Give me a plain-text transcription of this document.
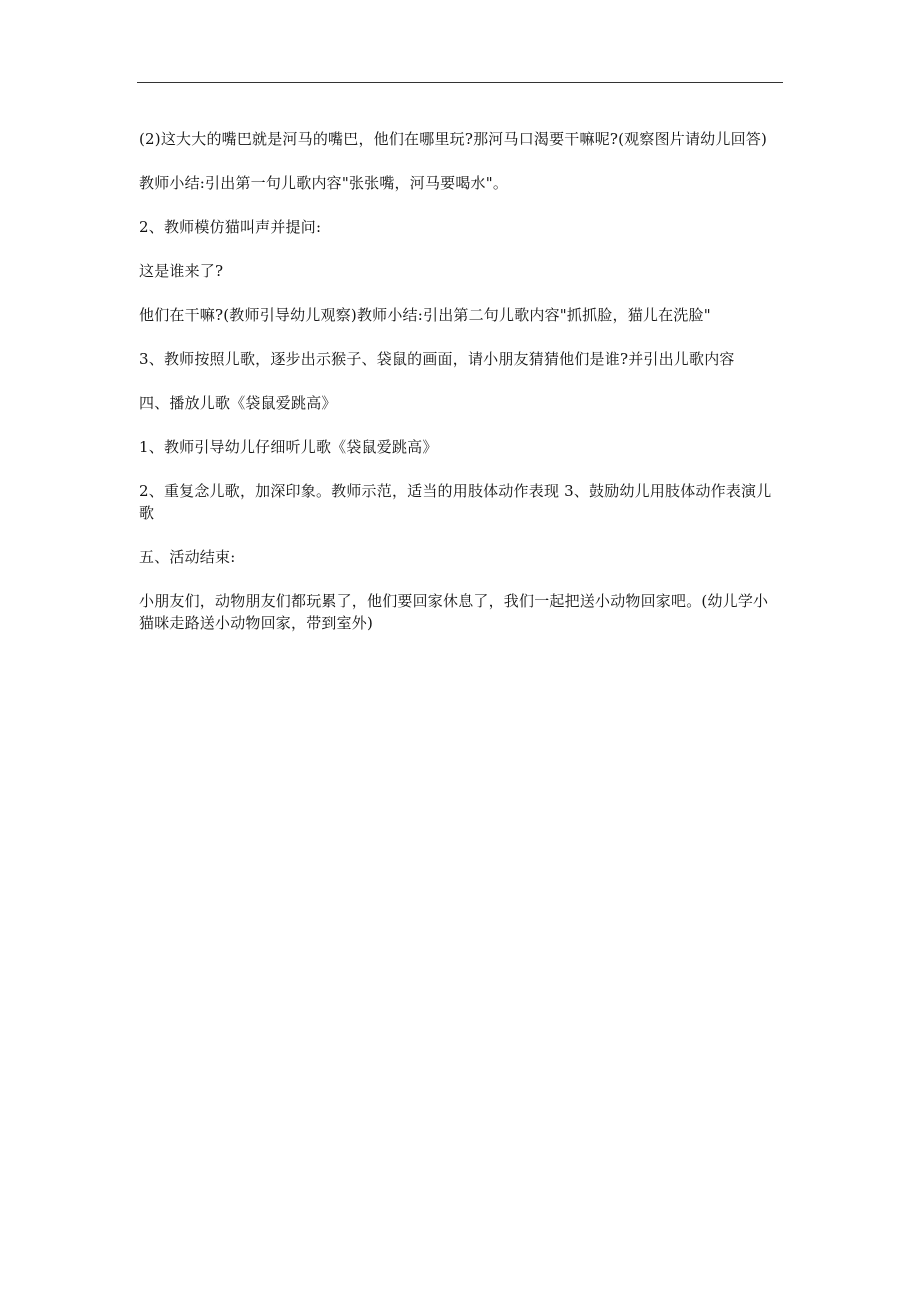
(2)这大大的嘴巴就是河马的嘴巴，他们在哪里玩?那河马口渴要干嘛呢?(观察图片请幼儿回答)

教师小结:引出第一句儿歌内容"张张嘴，河马要喝水"。

2、教师模仿猫叫声并提问:

这是谁来了?

他们在干嘛?(教师引导幼儿观察)教师小结:引出第二句儿歌内容"抓抓脸，猫儿在洗脸"

3、教师按照儿歌，逐步出示猴子、袋鼠的画面，请小朋友猜猜他们是谁?并引出儿歌内容

四、播放儿歌《袋鼠爱跳高》

1、教师引导幼儿仔细听儿歌《袋鼠爱跳高》

2、重复念儿歌，加深印象。教师示范，适当的用肢体动作表现 3、鼓励幼儿用肢体动作表演儿歌

五、活动结束:

小朋友们，动物朋友们都玩累了，他们要回家休息了，我们一起把送小动物回家吧。(幼儿学小猫咪走路送小动物回家，带到室外)
